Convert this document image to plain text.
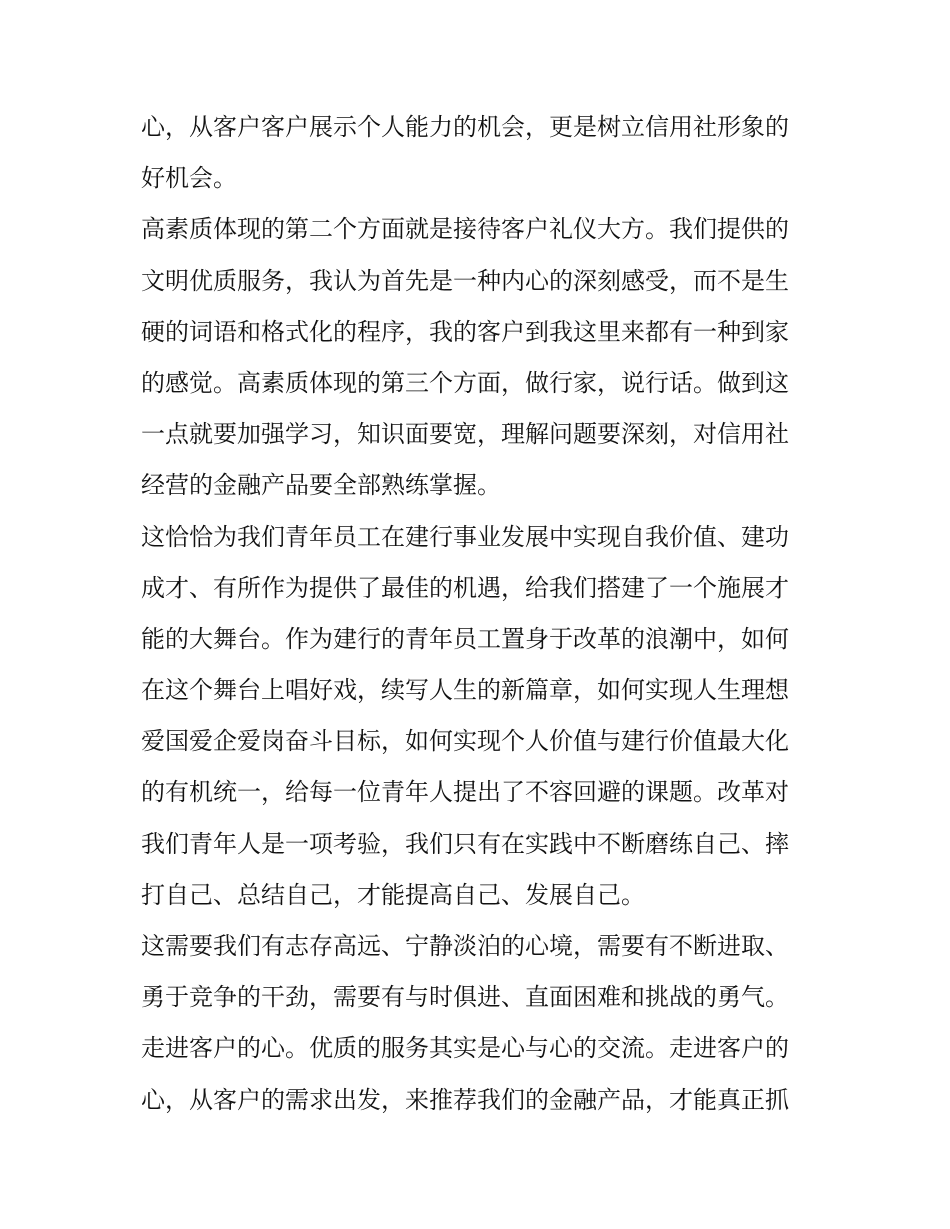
心，从客户客户展示个人能力的机会，更是树立信用社形象的
好机会。
高素质体现的第二个方面就是接待客户礼仪大方。我们提供的
文明优质服务，我认为首先是一种内心的深刻感受，而不是生
硬的词语和格式化的程序，我的客户到我这里来都有一种到家
的感觉。高素质体现的第三个方面，做行家，说行话。做到这
一点就要加强学习，知识面要宽，理解问题要深刻，对信用社
经营的金融产品要全部熟练掌握。
这恰恰为我们青年员工在建行事业发展中实现自我价值、建功
成才、有所作为提供了最佳的机遇，给我们搭建了一个施展才
能的大舞台。作为建行的青年员工置身于改革的浪潮中，如何
在这个舞台上唱好戏，续写人生的新篇章，如何实现人生理想
爱国爱企爱岗奋斗目标，如何实现个人价值与建行价值最大化
的有机统一，给每一位青年人提出了不容回避的课题。改革对
我们青年人是一项考验，我们只有在实践中不断磨练自己、摔
打自己、总结自己，才能提高自己、发展自己。
这需要我们有志存高远、宁静淡泊的心境，需要有不断进取、
勇于竞争的干劲，需要有与时俱进、直面困难和挑战的勇气。
走进客户的心。优质的服务其实是心与心的交流。走进客户的
心，从客户的需求出发，来推荐我们的金融产品，才能真正抓
